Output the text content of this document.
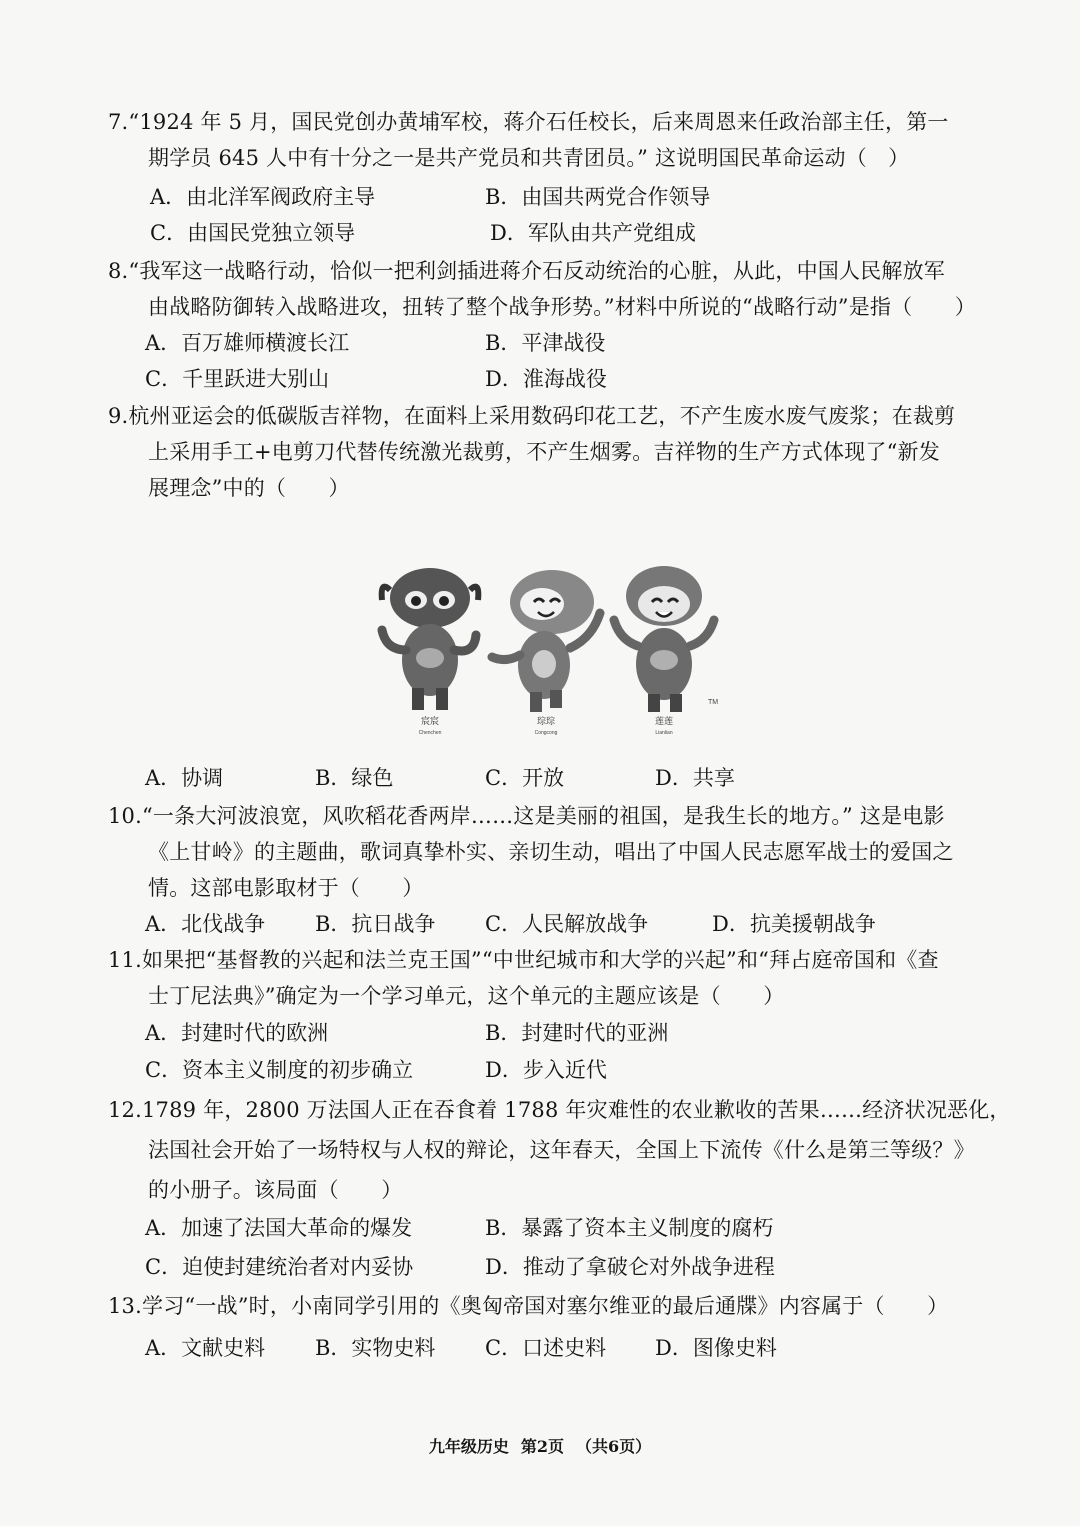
7.“1924 年 5 月，国民党创办黄埔军校，蒋介石任校长，后来周恩来任政治部主任，第一
期学员 645 人中有十分之一是共产党员和共青团员。” 这说明国民革命运动（　）
A．由北洋军阀政府主导	B．由国共两党合作领导
C．由国民党独立领导	D．军队由共产党组成
8.“我军这一战略行动，恰似一把利剑插进蒋介石反动统治的心脏，从此，中国人民解放军
由战略防御转入战略进攻，扭转了整个战争形势。”材料中所说的“战略行动”是指（　　）
A．百万雄师横渡长江	B．平津战役
C．千里跃进大别山	D．淮海战役
9.杭州亚运会的低碳版吉祥物，在面料上采用数码印花工艺，不产生废水废气废浆；在裁剪
上采用手工+电剪刀代替传统激光裁剪，不产生烟雾。吉祥物的生产方式体现了“新发
展理念”中的（　　）
TM
宸宸	琮琮	莲莲
Chenchen	Congcong	Lianlian
A．协调	B．绿色	C．开放	D．共享
10.“一条大河波浪宽，风吹稻花香两岸……这是美丽的祖国，是我生长的地方。” 这是电影
《上甘岭》的主题曲，歌词真挚朴实、亲切生动，唱出了中国人民志愿军战士的爱国之
情。这部电影取材于（　　）
A．北伐战争 B．抗日战争 C．人民解放战争	D．抗美援朝战争
11.如果把“基督教的兴起和法兰克王国”“中世纪城市和大学的兴起”和“拜占庭帝国和《查
士丁尼法典》”确定为一个学习单元，这个单元的主题应该是（　　）
A．封建时代的欧洲	B．封建时代的亚洲
C．资本主义制度的初步确立	D．步入近代
12.1789 年，2800 万法国人正在吞食着 1788 年灾难性的农业歉收的苦果……经济状况恶化，
法国社会开始了一场特权与人权的辩论，这年春天，全国上下流传《什么是第三等级？》
的小册子。该局面（　　）
A．加速了法国大革命的爆发	B．暴露了资本主义制度的腐朽
C．迫使封建统治者对内妥协	D．推动了拿破仑对外战争进程
13.学习“一战”时，小南同学引用的《奥匈帝国对塞尔维亚的最后通牒》内容属于（　　）
A．文献史料 B．实物史料 C．口述史料 D．图像史料
九年级历史 第2页 （共6页）
